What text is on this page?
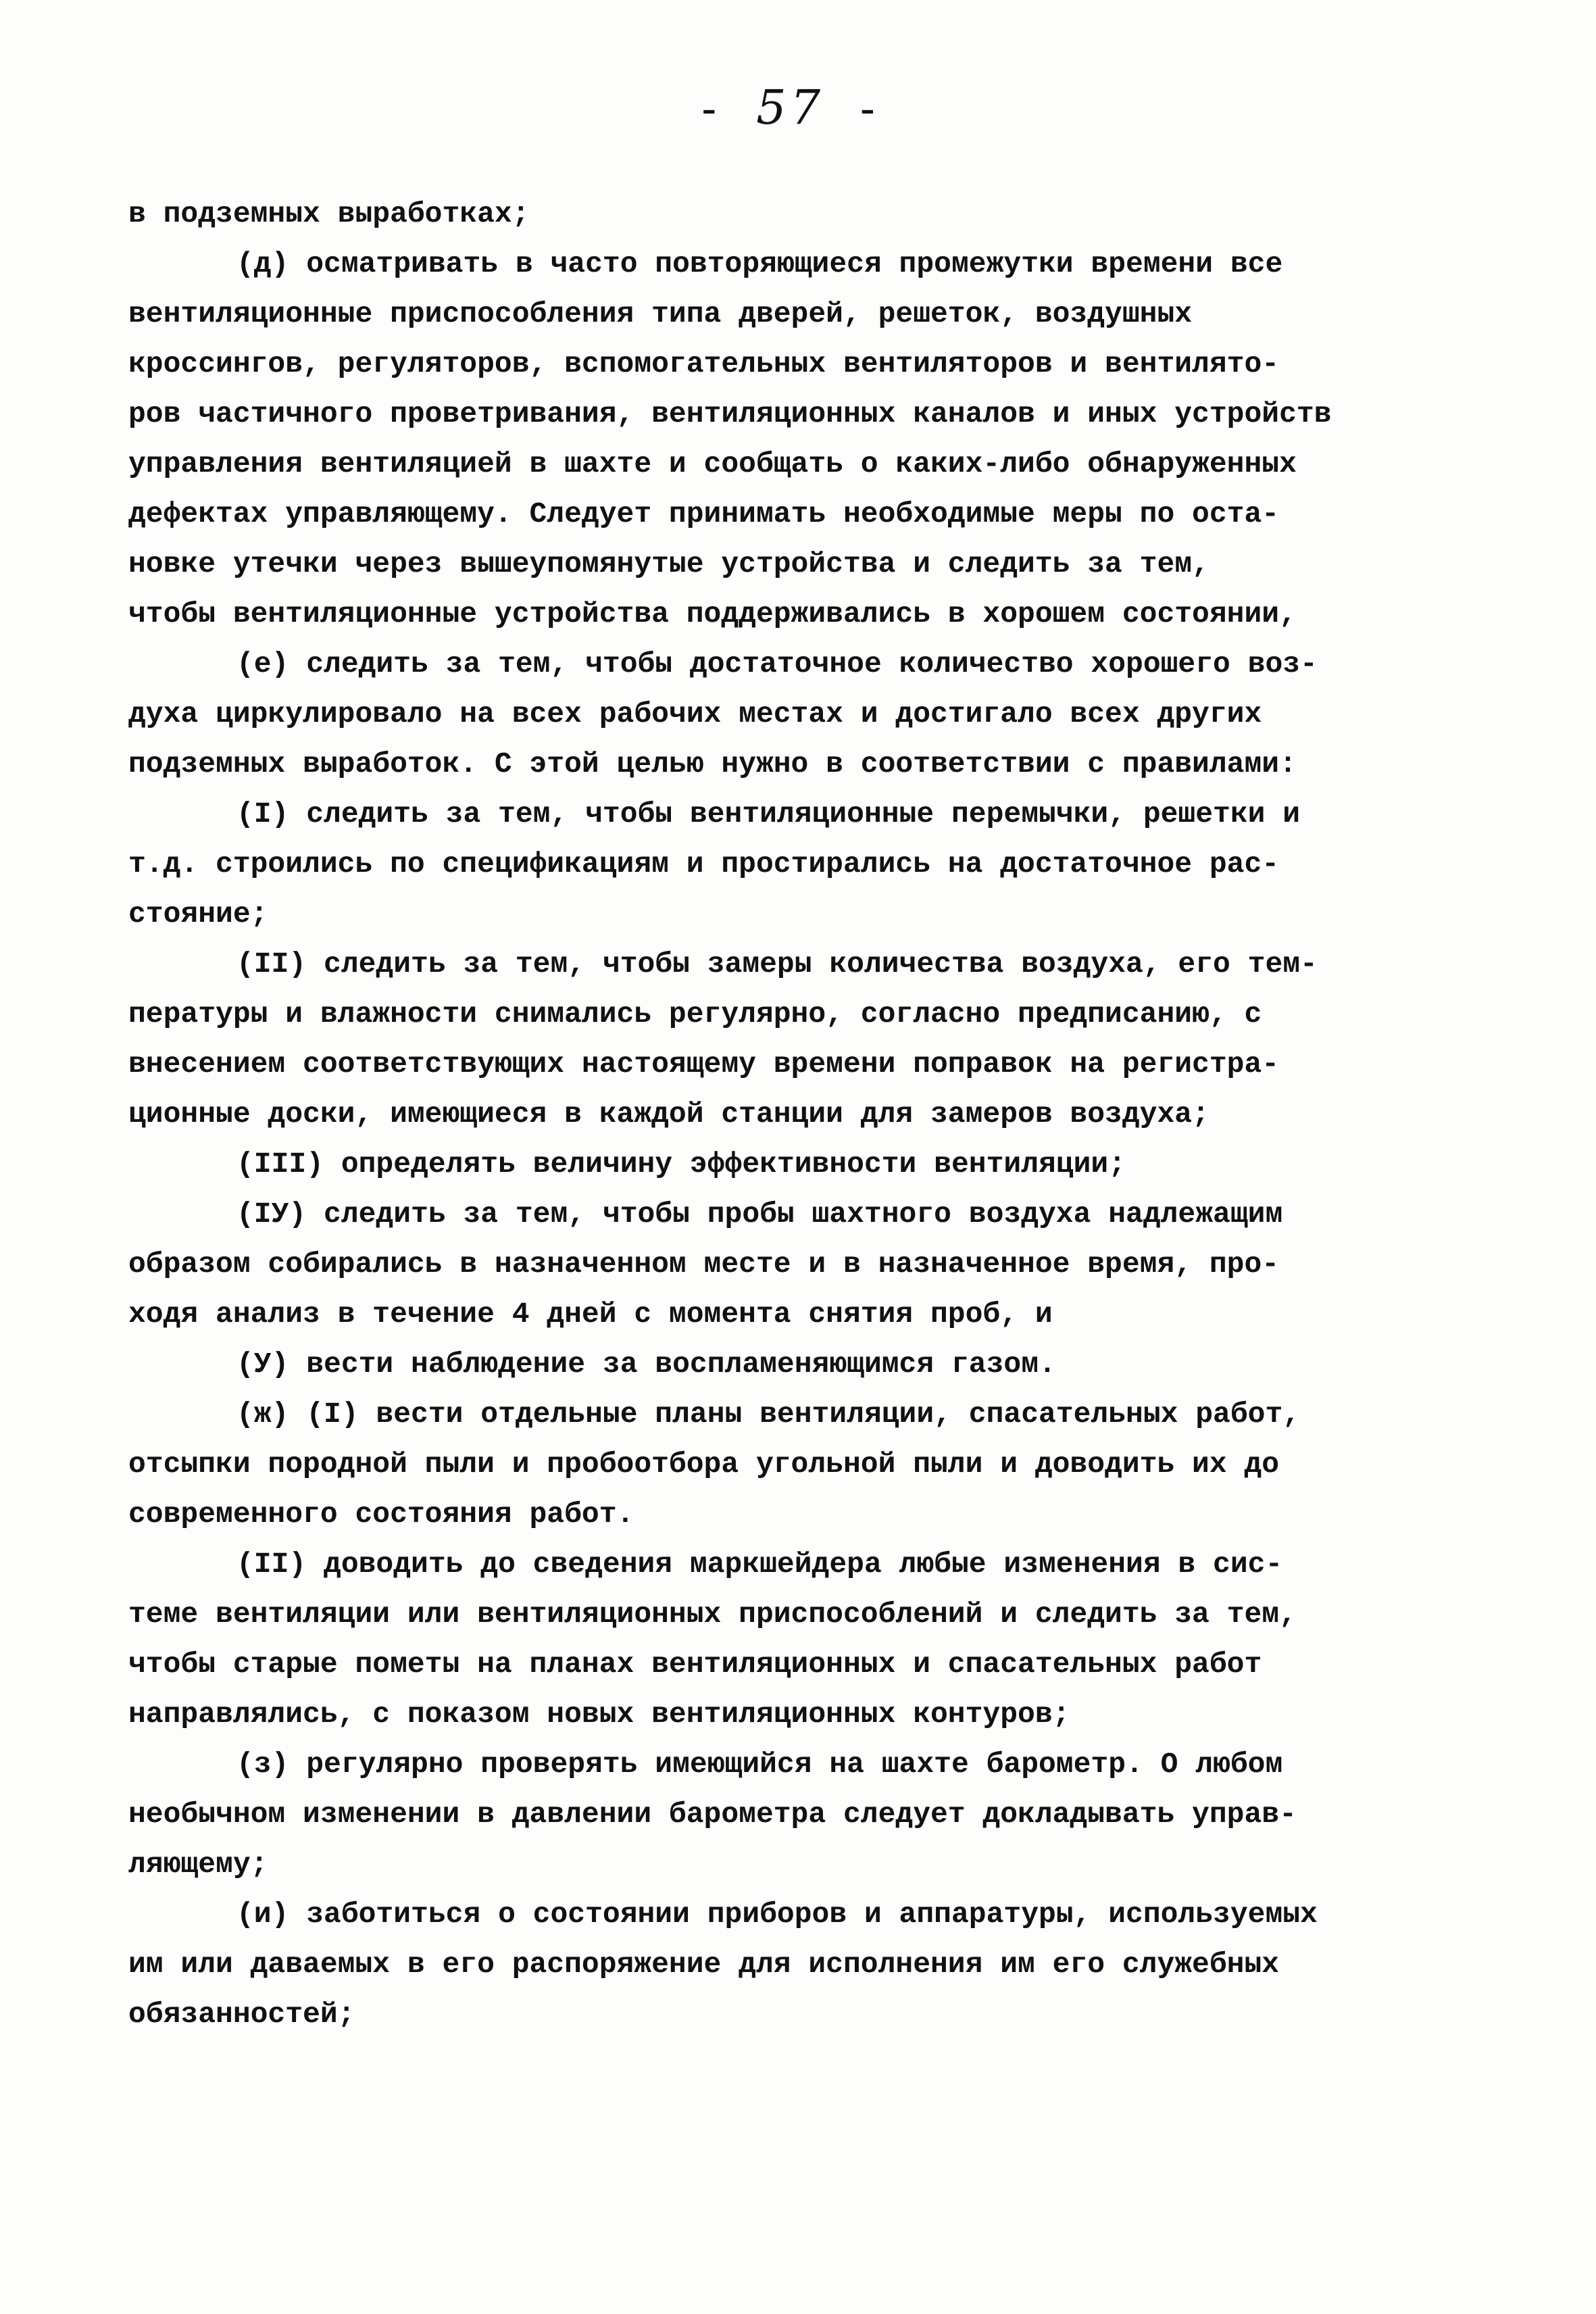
- 57 -
в подземных выработках;
(д) осматривать в часто повторяющиеся промежутки времени все
вентиляционные приспособления типа дверей, решеток, воздушных
кроссингов, регуляторов, вспомогательных вентиляторов и вентилято-
ров частичного проветривания, вентиляционных каналов и иных устройств
управления вентиляцией в шахте и сообщать о каких-либо обнаруженных
дефектах управляющему. Следует принимать необходимые меры по оста-
новке утечки через вышеупомянутые устройства и следить за тем,
чтобы вентиляционные устройства поддерживались в хорошем состоянии,
(е) следить за тем, чтобы достаточное количество хорошего воз-
духа циркулировало на всех рабочих местах и достигало всех других
подземных выработок. С этой целью нужно в соответствии с правилами:
(I) следить за тем, чтобы вентиляционные перемычки, решетки и
т.д. строились по спецификациям и простирались на достаточное рас-
стояние;
(II) следить за тем, чтобы замеры количества воздуха, его тем-
пературы и влажности снимались регулярно, согласно предписанию, с
внесением соответствующих настоящему времени поправок на регистра-
ционные доски, имеющиеся в каждой станции для замеров воздуха;
(III) определять величину эффективности вентиляции;
(IУ) следить за тем, чтобы пробы шахтного воздуха надлежащим
образом собирались в назначенном месте и в назначенное время, про-
ходя анализ в течение 4 дней с момента снятия проб, и
(У) вести наблюдение за воспламеняющимся газом.
(ж) (I) вести отдельные планы вентиляции, спасательных работ,
отсыпки породной пыли и пробоотбора угольной пыли и доводить их до
современного состояния работ.
(II) доводить до сведения маркшейдера любые изменения в сис-
теме вентиляции или вентиляционных приспособлений и следить за тем,
чтобы старые пометы на планах вентиляционных и спасательных работ
направлялись, с показом новых вентиляционных контуров;
(з) регулярно проверять имеющийся на шахте барометр. О любом
необычном изменении в давлении барометра следует докладывать управ-
ляющему;
(и) заботиться о состоянии приборов и аппаратуры, используемых
им или даваемых в его распоряжение для исполнения им его служебных
обязанностей;
